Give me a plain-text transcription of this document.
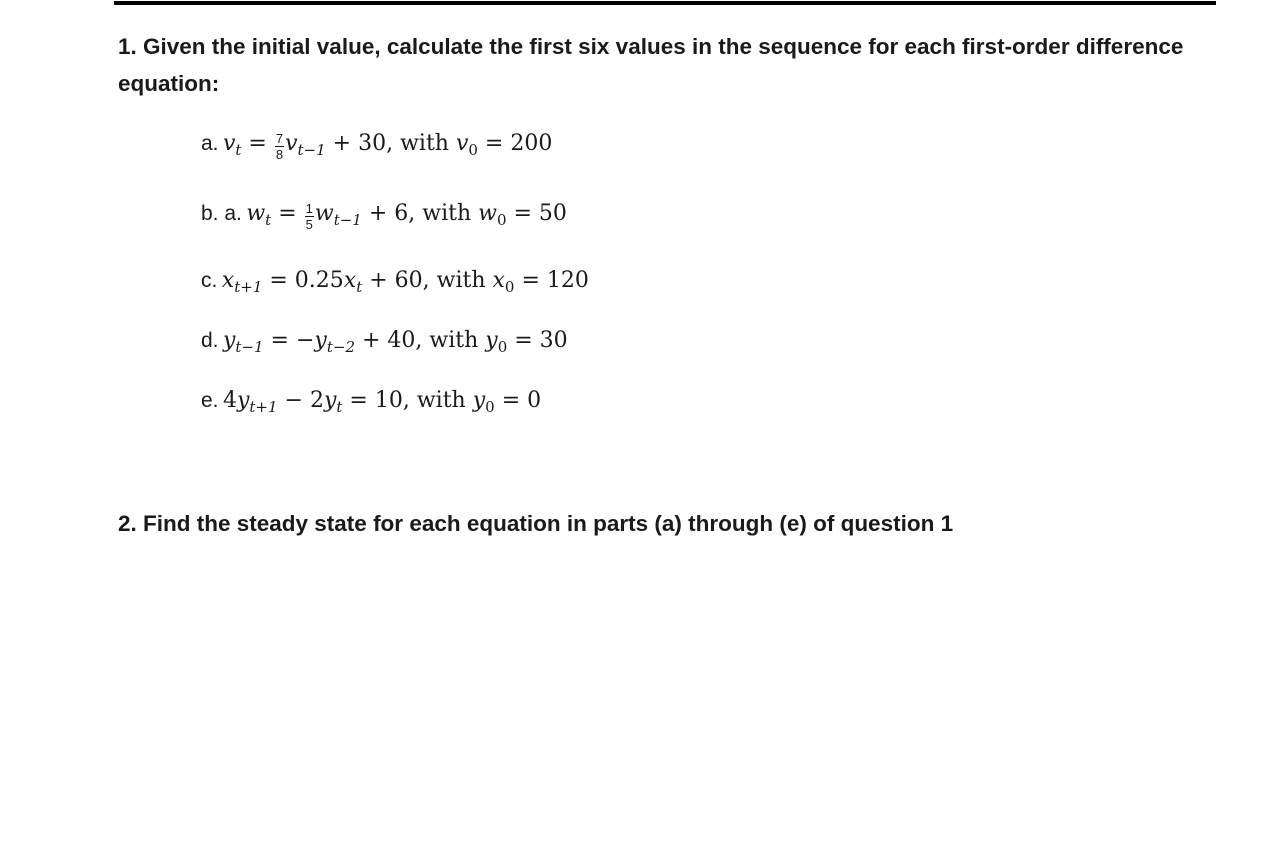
1. Given the initial value, calculate the first six values in the sequence for each first-order difference equation:
a. vt = $\frac{7}{8} vt-1 + 30$, with v0 = 200
b. a. wt = $\frac{1}{5} wt-1 + 6$, with w0 = 50
c. xt+1 = 0.25xt + 60, with x0 = 120
d. yt−1 = −yt−2 + 40, with y0 = 30
e. 4yt+1 − 2yt = 10, with y0 = 0
2. Find the steady state for each equation in parts (a) through (e) of question 1
